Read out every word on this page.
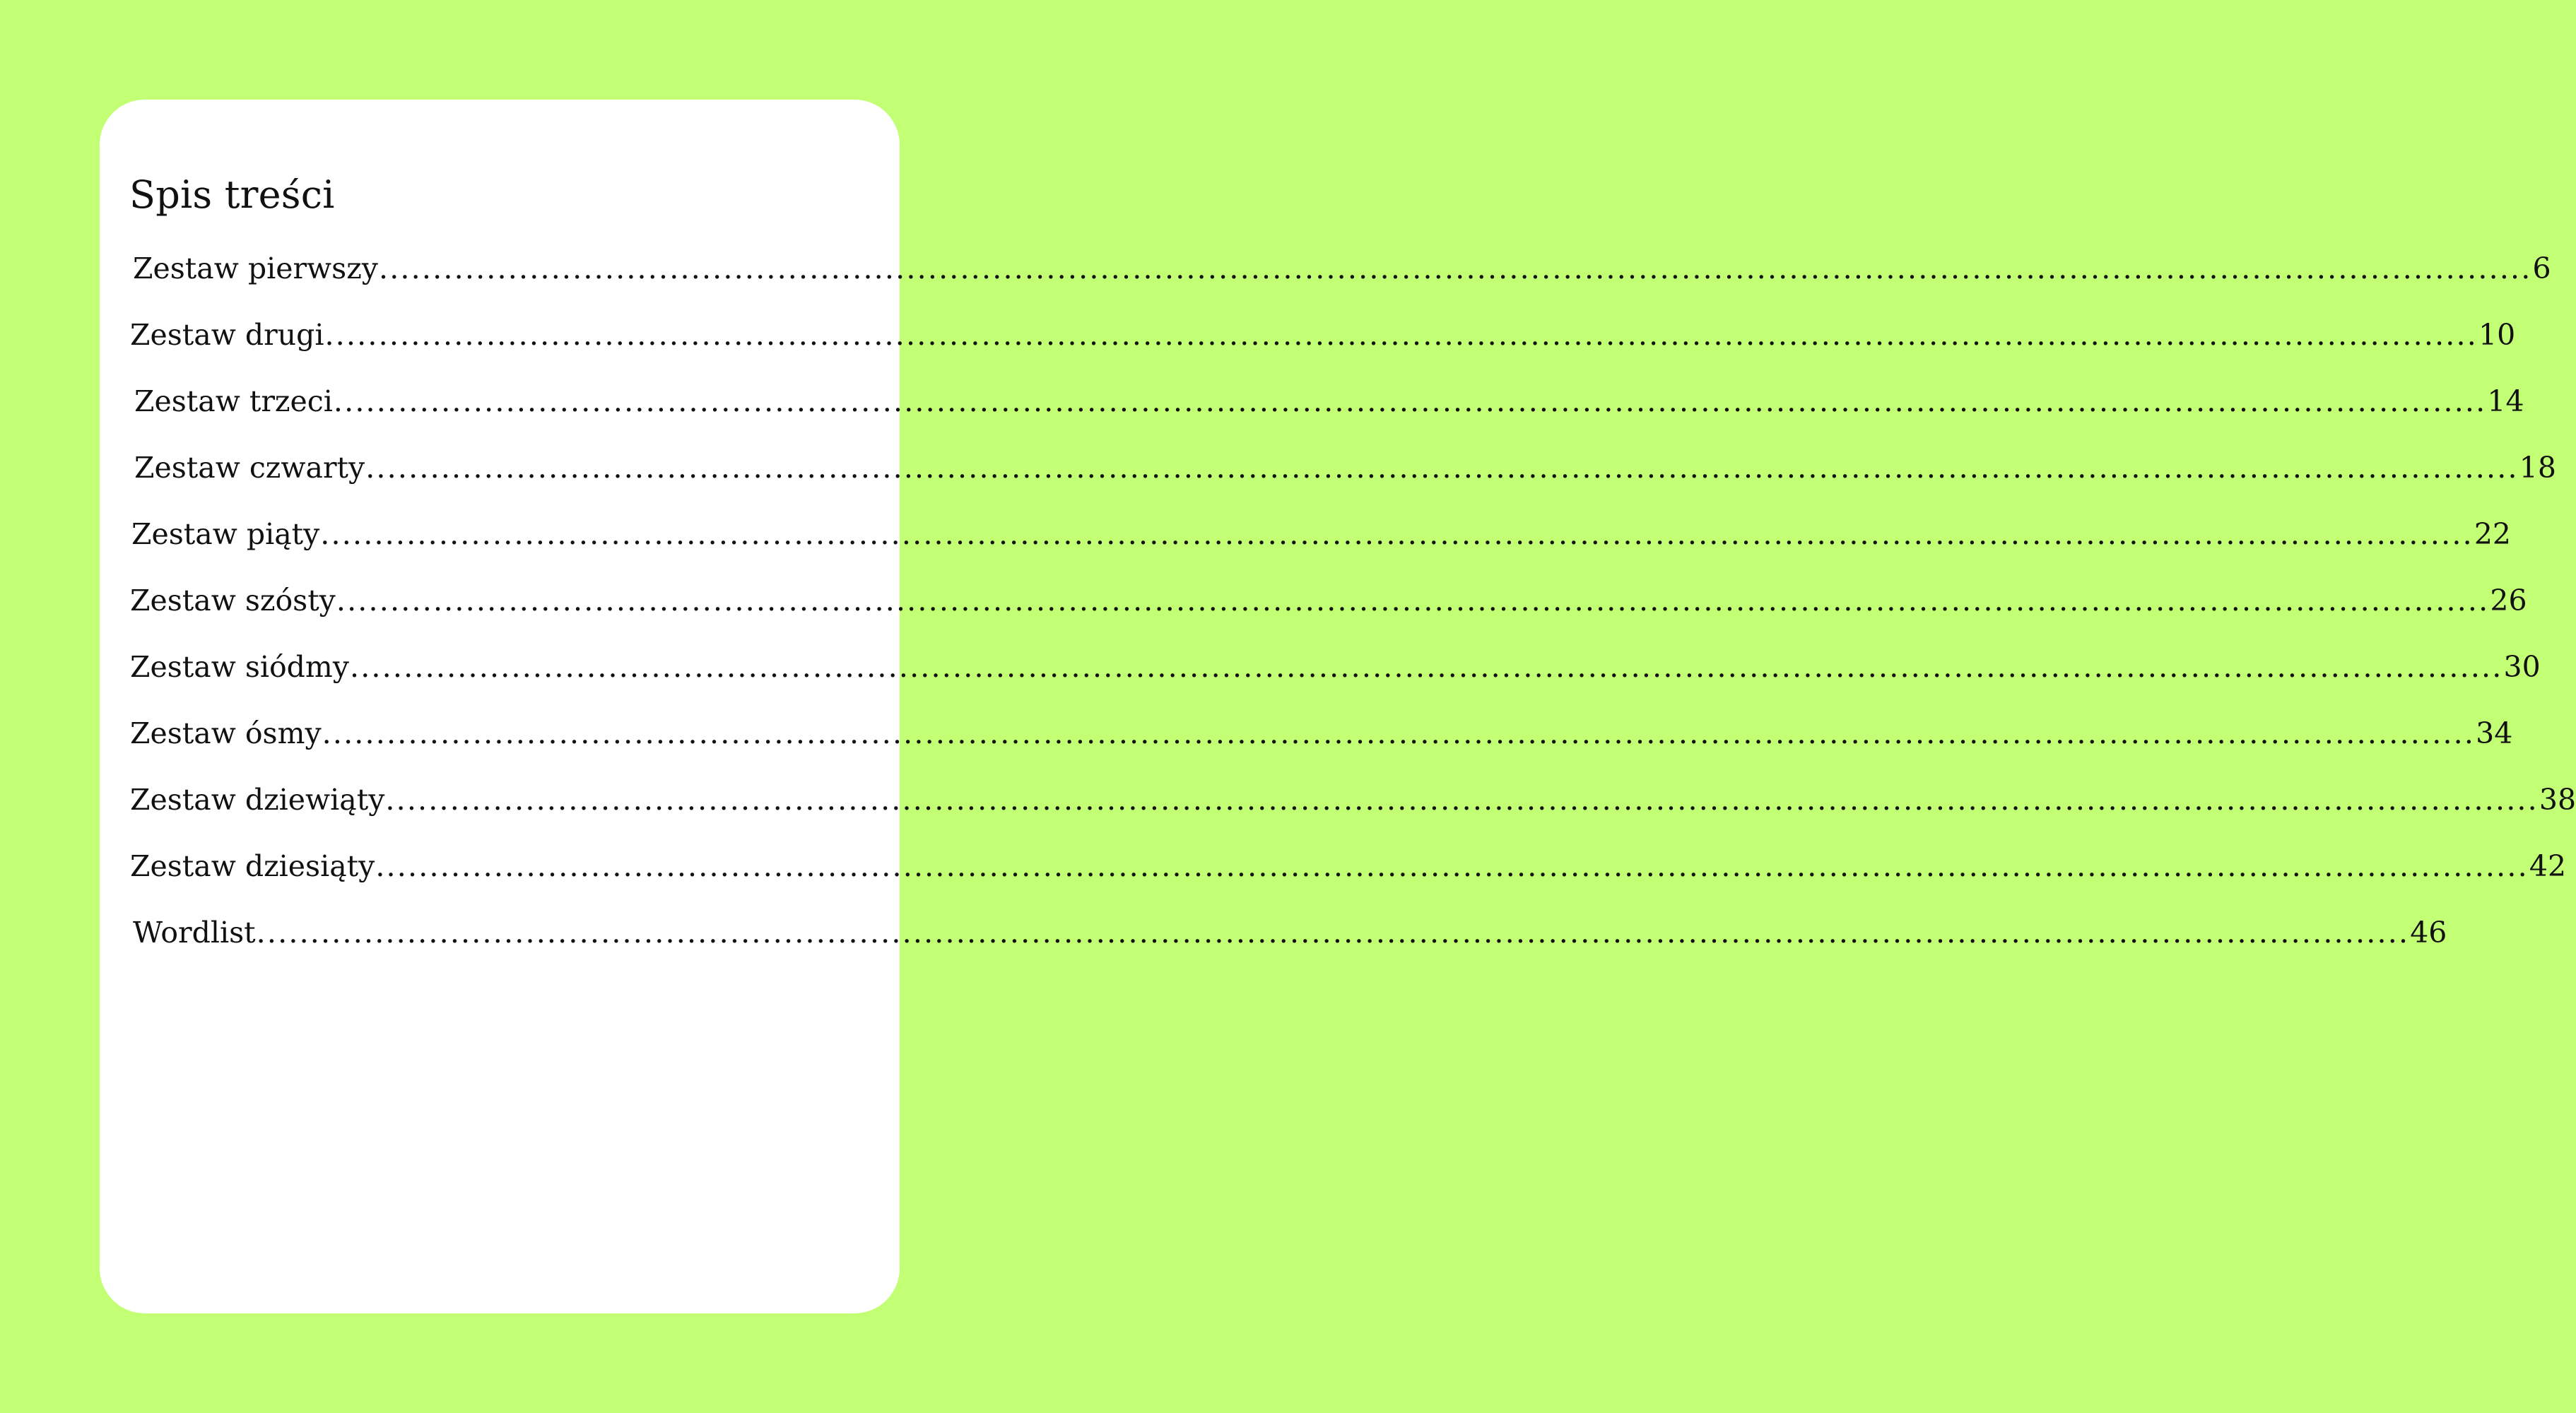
Spis treści
Zestaw pierwszy ........................................................................................................................................................................................................ 6
Zestaw drugi ........................................................................................................................................................................................................ 10
Zestaw trzeci ........................................................................................................................................................................................................ 14
Zestaw czwarty ........................................................................................................................................................................................................ 18
Zestaw piąty ........................................................................................................................................................................................................ 22
Zestaw szósty ........................................................................................................................................................................................................ 26
Zestaw siódmy ........................................................................................................................................................................................................ 30
Zestaw ósmy ........................................................................................................................................................................................................ 34
Zestaw dziewiąty ........................................................................................................................................................................................................ 38
Zestaw dziesiąty ........................................................................................................................................................................................................ 42
Wordlist ........................................................................................................................................................................................................ 46
